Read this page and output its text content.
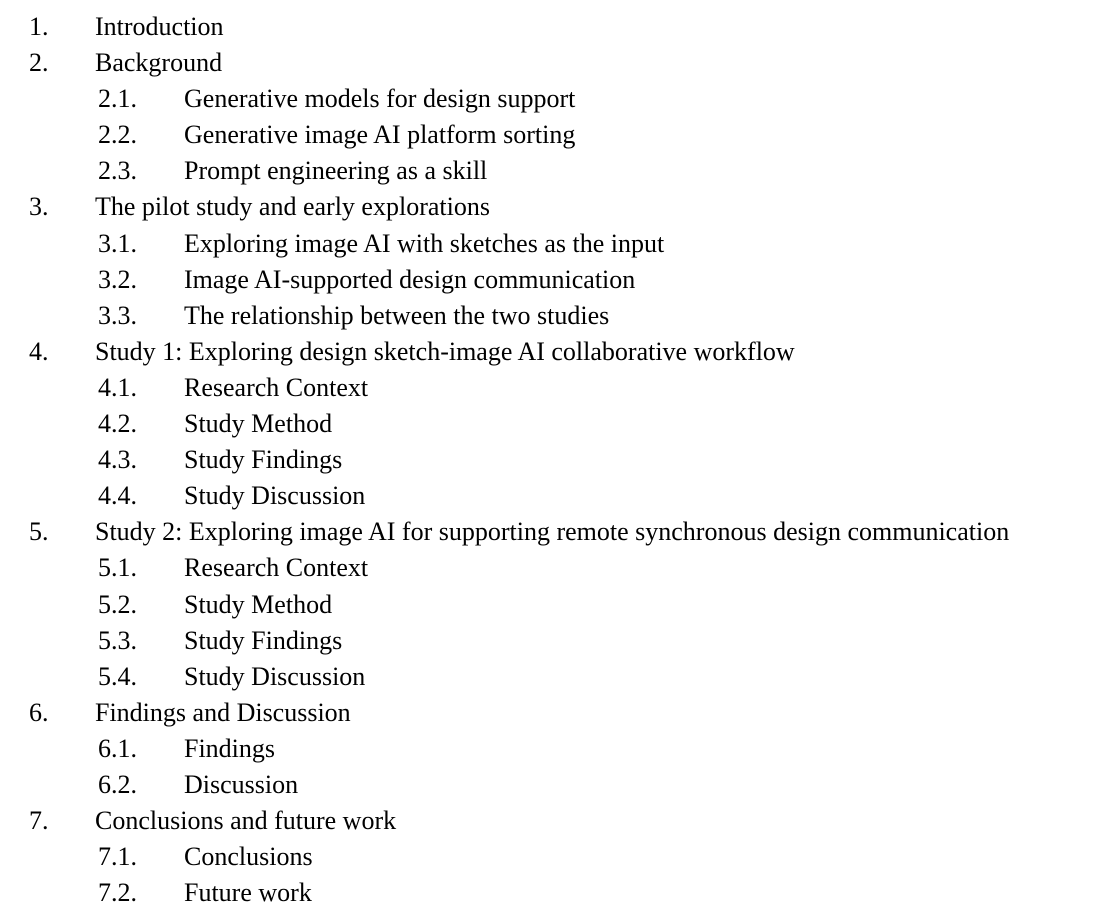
1. Introduction
2. Background
2.1. Generative models for design support
2.2. Generative image AI platform sorting
2.3. Prompt engineering as a skill
3. The pilot study and early explorations
3.1. Exploring image AI with sketches as the input
3.2. Image AI-supported design communication
3.3. The relationship between the two studies
4. Study 1: Exploring design sketch-image AI collaborative workflow
4.1. Research Context
4.2. Study Method
4.3. Study Findings
4.4. Study Discussion
5. Study 2: Exploring image AI for supporting remote synchronous design communication
5.1. Research Context
5.2. Study Method
5.3. Study Findings
5.4. Study Discussion
6. Findings and Discussion
6.1. Findings
6.2. Discussion
7. Conclusions and future work
7.1. Conclusions
7.2. Future work
